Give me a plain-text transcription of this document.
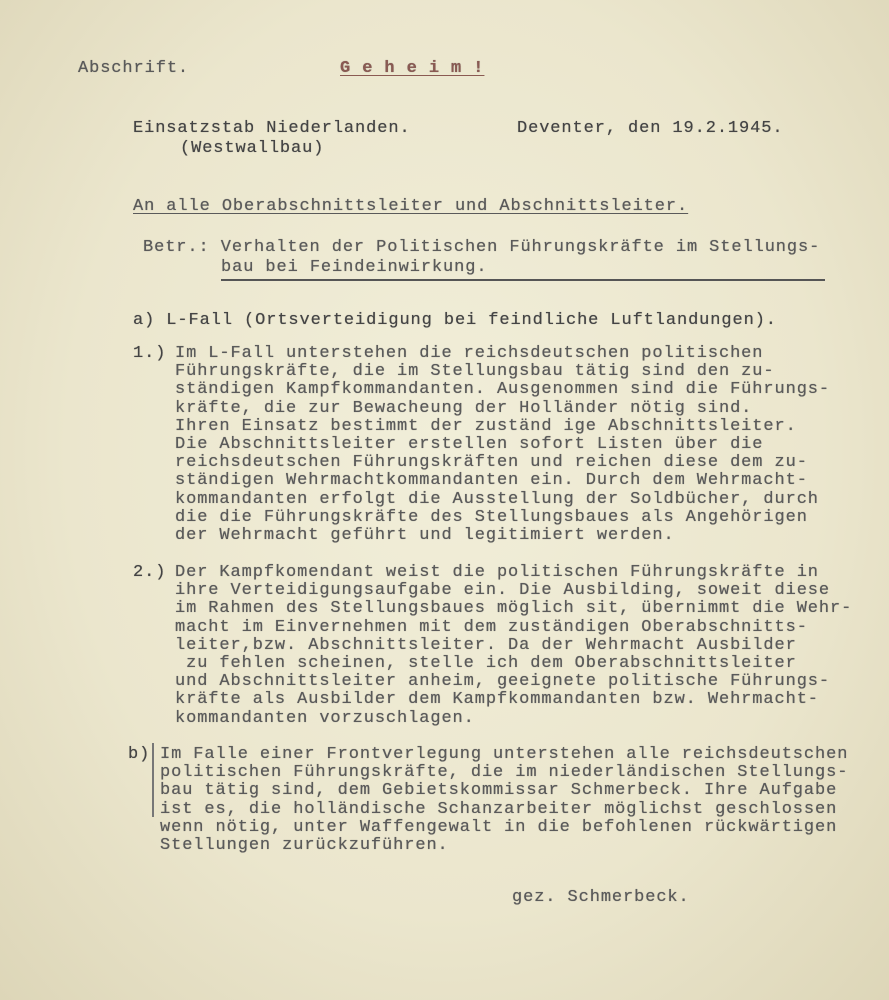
Abschrift.	G e h e i m !
Einsatzstab Niederlanden.
(Westwallbau)
Deventer, den 19.2.1945.
An alle Oberabschnittsleiter und Abschnittsleiter.
Betr.: Verhalten der Politischen Führungskräfte im Stellungs-
bau bei Feindeinwirkung.
a) L-Fall (Ortsverteidigung bei feindliche Luftlandungen).
1.) Im L-Fall unterstehen die reichsdeutschen politischen
Führungskräfte, die im Stellungsbau tätig sind den zu-
ständigen Kampfkommandanten. Ausgenommen sind die Führungs-
kräfte, die zur Bewacheung der Holländer nötig sind.
Ihren Einsatz bestimmt der zuständ ige Abschnittsleiter.
Die Abschnittsleiter erstellen sofort Listen über die
reichsdeutschen Führungskräften und reichen diese dem zu-
ständigen Wehrmachtkommandanten ein. Durch dem Wehrmacht-
kommandanten erfolgt die Ausstellung der Soldbücher, durch
die die Führungskräfte des Stellungsbaues als Angehörigen
der Wehrmacht geführt und legitimiert werden.
2.) Der Kampfkomendant weist die politischen Führungskräfte in
ihre Verteidigungsaufgabe ein. Die Ausbilding, soweit diese
im Rahmen des Stellungsbaues möglich sit, übernimmt die Wehr-
macht im Einvernehmen mit dem zuständigen Oberabschnitts-
leiter,bzw. Abschnittsleiter. Da der Wehrmacht Ausbilder
zu fehlen scheinen, stelle ich dem Oberabschnittsleiter
und Abschnittsleiter anheim, geeignete politische Führungs-
kräfte als Ausbilder dem Kampfkommandanten bzw. Wehrmacht-
kommandanten vorzuschlagen.
b) Im Falle einer Frontverlegung unterstehen alle reichsdeutschen
politischen Führungskräfte, die im niederländischen Stellungs-
bau tätig sind, dem Gebietskommissar Schmerbeck. Ihre Aufgabe
ist es, die holländische Schanzarbeiter möglichst geschlossen
wenn nötig, unter Waffengewalt in die befohlenen rückwärtigen
Stellungen zurückzuführen.
gez. Schmerbeck.
